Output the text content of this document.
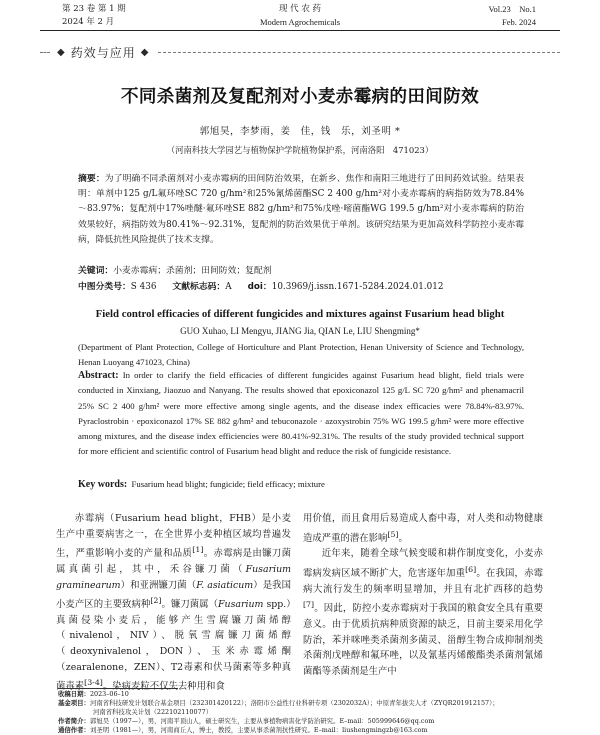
第 23 卷 第 1 期
2024 年 2 月
现 代 农 药
Modern Agrochemicals
Vol.23　No.1
Feb. 2024
◆ 药效与应用 ◆
不同杀菌剂及复配剂对小麦赤霉病的田间防效
郭旭昊，李梦雨，姜　佳，钱　乐，刘圣明 *
（河南科技大学园艺与植物保护学院植物保护系，河南洛阳　471023）
摘要：为了明确不同杀菌剂对小麦赤霉病的田间防治效果，在新乡、焦作和南阳三地进行了田间药效试验。结果表明：单剂中125 g/L氟环唑SC 720 g/hm²和25%氰烯菌酯SC 2 400 g/hm²对小麦赤霉病的病指防效为78.84%～83.97%；复配剂中17%唑醚·氟环唑SE 882 g/hm²和75%戊唑·嘧菌酯WG 199.5 g/hm²对小麦赤霉病的防治效果较好，病指防效为80.41%～92.31%，复配剂的防治效果优于单剂。该研究结果为更加高效科学防控小麦赤霉病，降低抗性风险提供了技术支撑。
关键词：小麦赤霉病；杀菌剂；田间防效；复配剂
中图分类号：S 436 文献标志码：A doi：10.3969/j.issn.1671-5284.2024.01.012
Field control efficacies of different fungicides and mixtures against Fusarium head blight
GUO Xuhao, LI Mengyu, JIANG Jia, QIAN Le, LIU Shengming*
(Department of Plant Protection, College of Horticulture and Plant Protection, Henan University of Science and Technology, Henan Luoyang 471023, China)
Abstract: In order to clarify the field efficacies of different fungicides against Fusarium head blight, field trials were conducted in Xinxiang, Jiaozuo and Nanyang. The results showed that epoxiconazol 125 g/L SC 720 g/hm² and phenamacril 25% SC 2 400 g/hm² were more effective among single agents, and the disease index efficacies were 78.84%-83.97%. Pyraclostrobin · epoxiconazol 17% SE 882 g/hm² and tebuconazole · azoxystrobin 75% WG 199.5 g/hm² were more effective among mixtures, and the disease index efficiencies were 80.41%-92.31%. The results of the study provided technical support for more efficient and scientific control of Fusarium head blight and reduce the risk of fungicide resistance.
Key words: Fusarium head blight; fungicide; field efficacy; mixture
赤霉病（Fusarium head blight，FHB）是小麦生产中重要病害之一，在全世界小麦种植区域均普遍发生，严重影响小麦的产量和品质[1]。赤霉病是由镰刀菌属真菌引起，其中，禾谷镰刀菌（Fusarium graminearum）和亚洲镰刀菌（F. asiaticum）是我国小麦产区的主要致病种[2]。镰刀菌属（Fusarium spp.）真菌侵染小麦后，能够产生雪腐镰刀菌烯醇（nivalenol，NIV）、脱氧雪腐镰刀菌烯醇（deoxynivalenol，DON）、玉米赤霉烯酮（zearalenone，ZEN）、T2毒素和伏马菌素等多种真菌毒素[3-4]。染病麦粒不仅失去种用和食
用价值，而且食用后易造成人畜中毒，对人类和动物健康造成严重的潜在影响[5]。
近年来，随着全球气候变暖和耕作制度变化，小麦赤霉病发病区域不断扩大，危害逐年加重[6]。在我国，赤霉病大流行发生的频率明显增加，并且有北扩西移的趋势[7]。因此，防控小麦赤霉病对于我国的粮食安全具有重要意义。由于优质抗病种质资源的缺乏，目前主要采用化学防治，苯并咪唑类杀菌剂多菌灵、甾醇生物合成抑制剂类杀菌剂戊唑醇和氟环唑，以及氰基丙烯酸酯类杀菌剂氰烯菌酯等杀菌剂是生产中
收稿日期：2023–06–10
基金项目：河南省科技研发计划联合基金项目（232301420122）；洛阳市公益性行业科研专项（2302032A）；中原青年拔尖人才（ZYQR201912157）；
河南省科技攻关计划（222102110077）
作者简介：郭旭昊（1997—），男，河南平顶山人，硕士研究生，主要从事植物病害化学防治研究。E–mail：505999646@qq.com
通信作者：刘圣明（1981—），男，河南商丘人，博士，教授，主要从事杀菌剂抗性研究。E–mail：liushengmingzb@163.com
